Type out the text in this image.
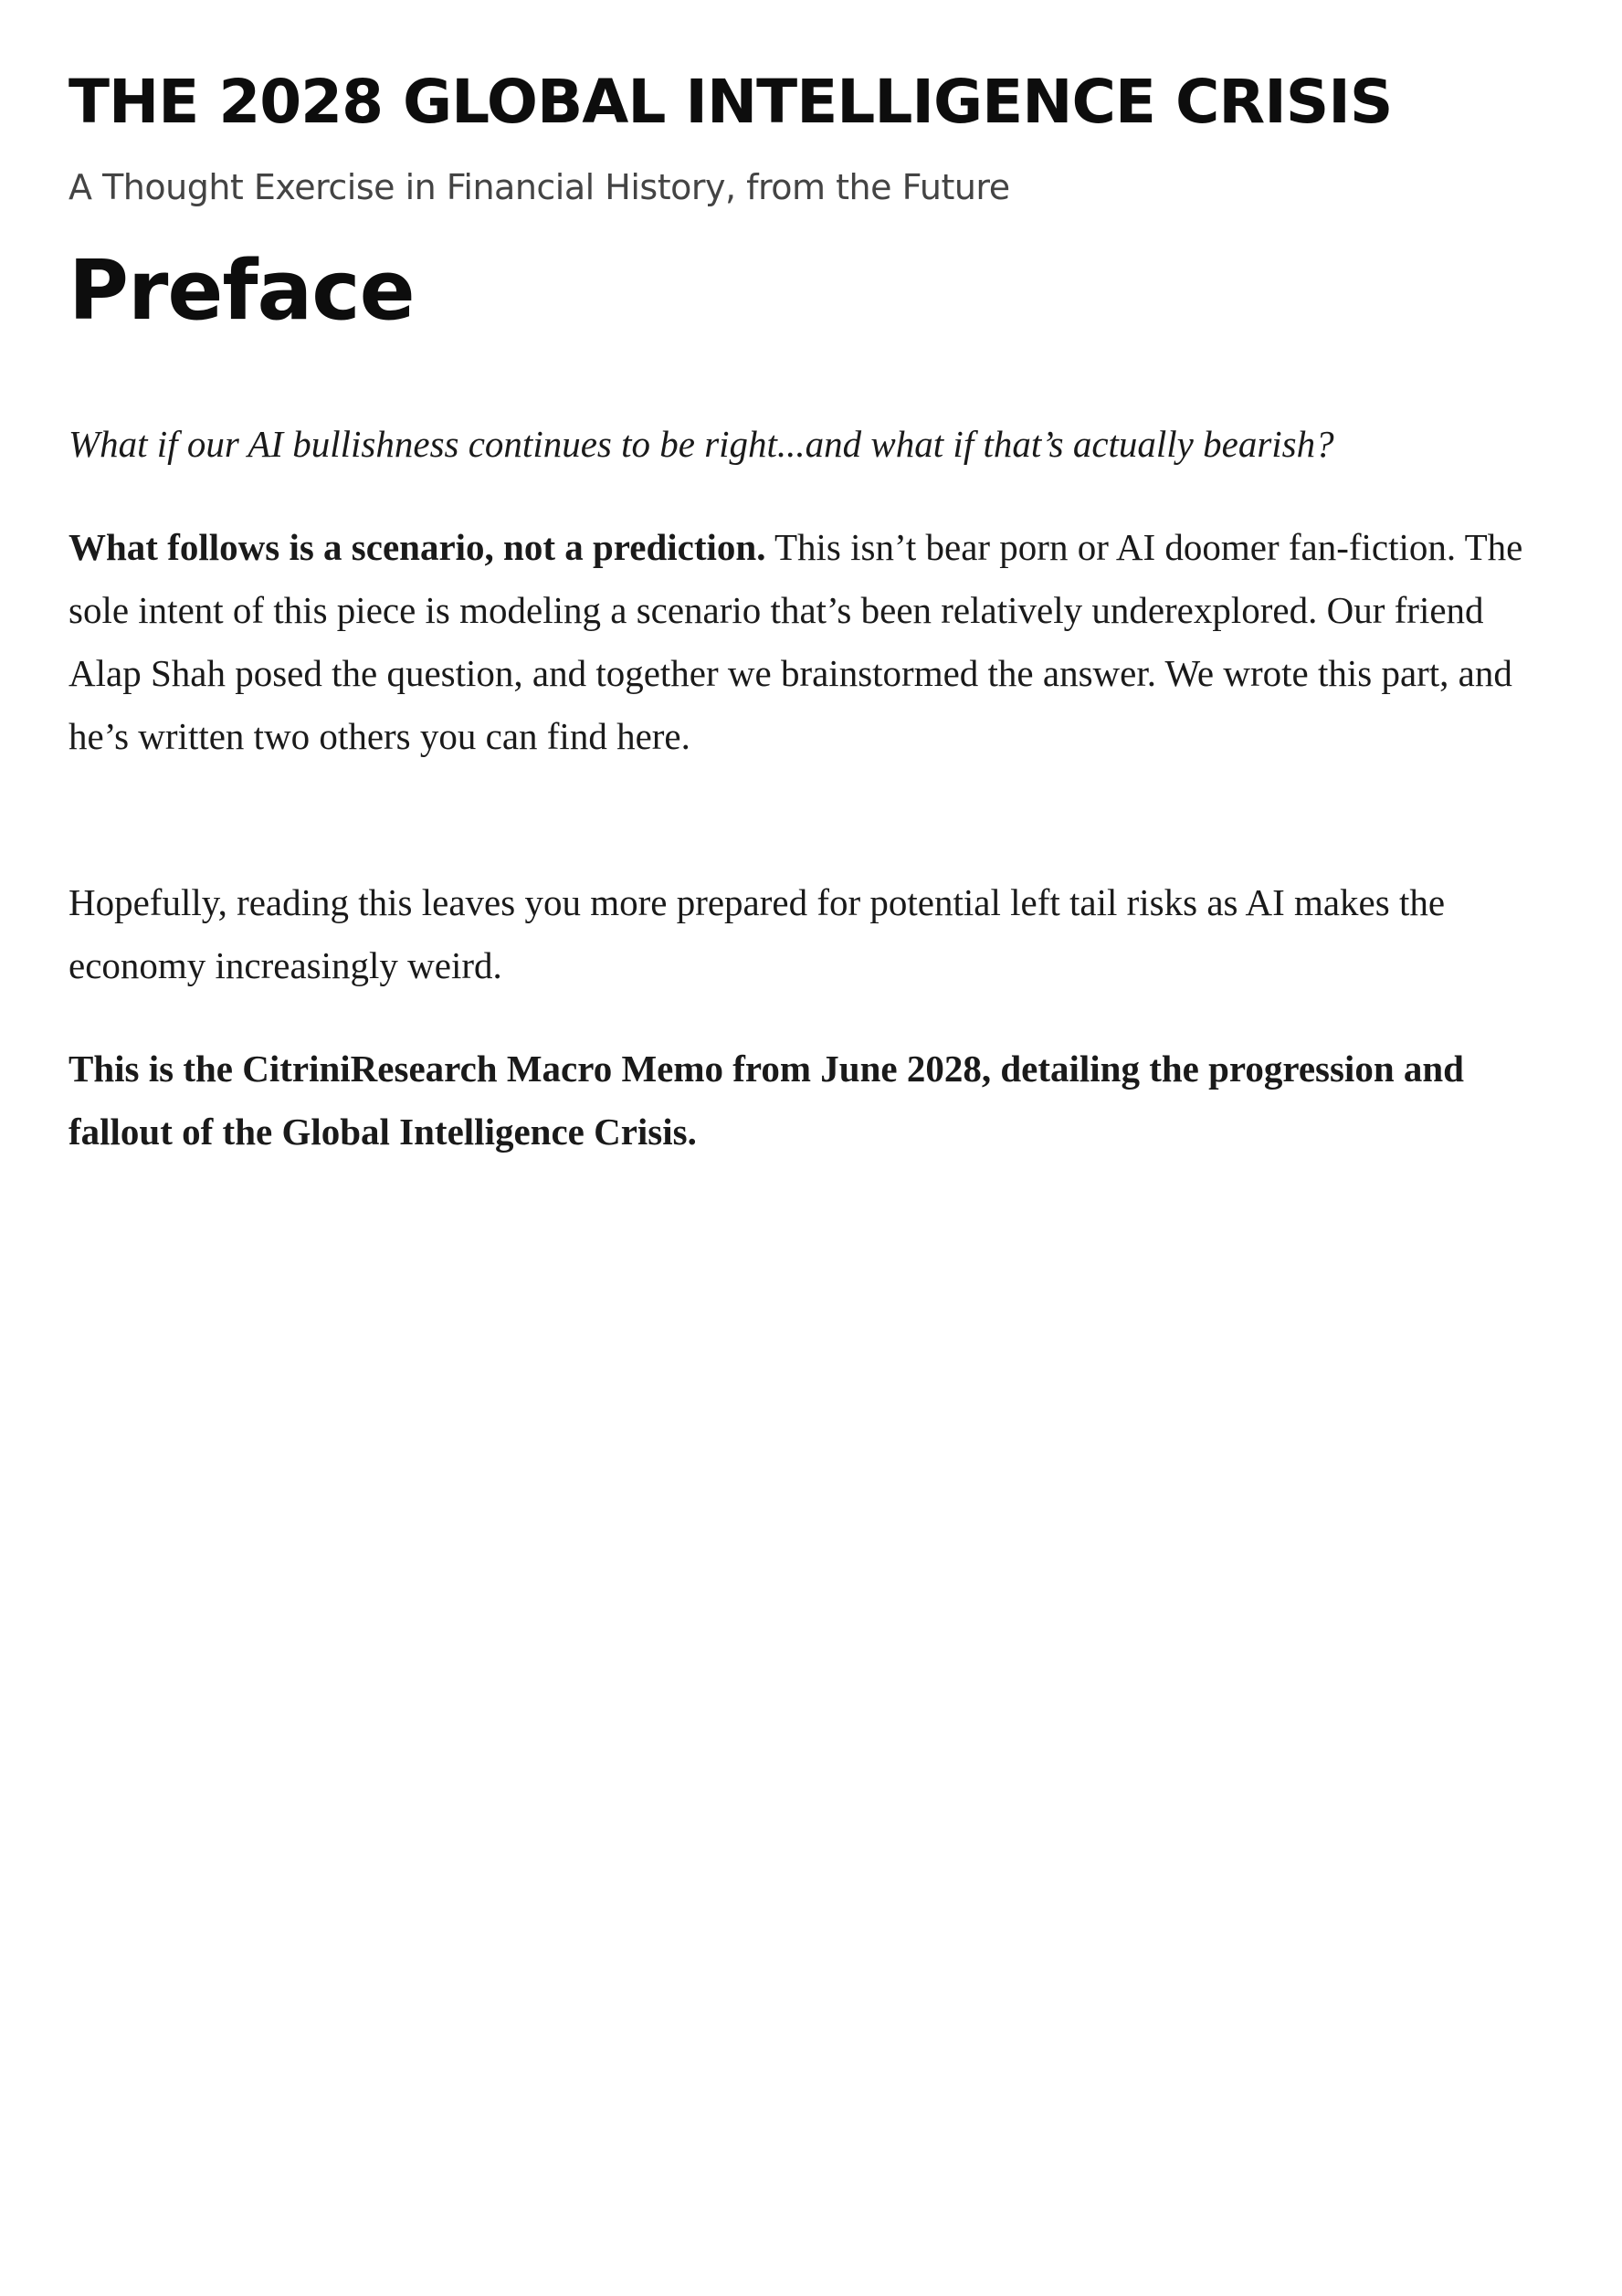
THE 2028 GLOBAL INTELLIGENCE CRISIS
A Thought Exercise in Financial History, from the Future
Preface

What if our AI bullishness continues to be right...and what if that’s actually bearish?

What follows is a scenario, not a prediction. This isn’t bear porn or AI doomer fan-fiction. The sole intent of this piece is modeling a scenario that’s been relatively underexplored. Our friend Alap Shah posed the question, and together we brainstormed the answer. We wrote this part, and he’s written two others you can find here.

Hopefully, reading this leaves you more prepared for potential left tail risks as AI makes the economy increasingly weird.

This is the CitriniResearch Macro Memo from June 2028, detailing the progression and fallout of the Global Intelligence Crisis.
